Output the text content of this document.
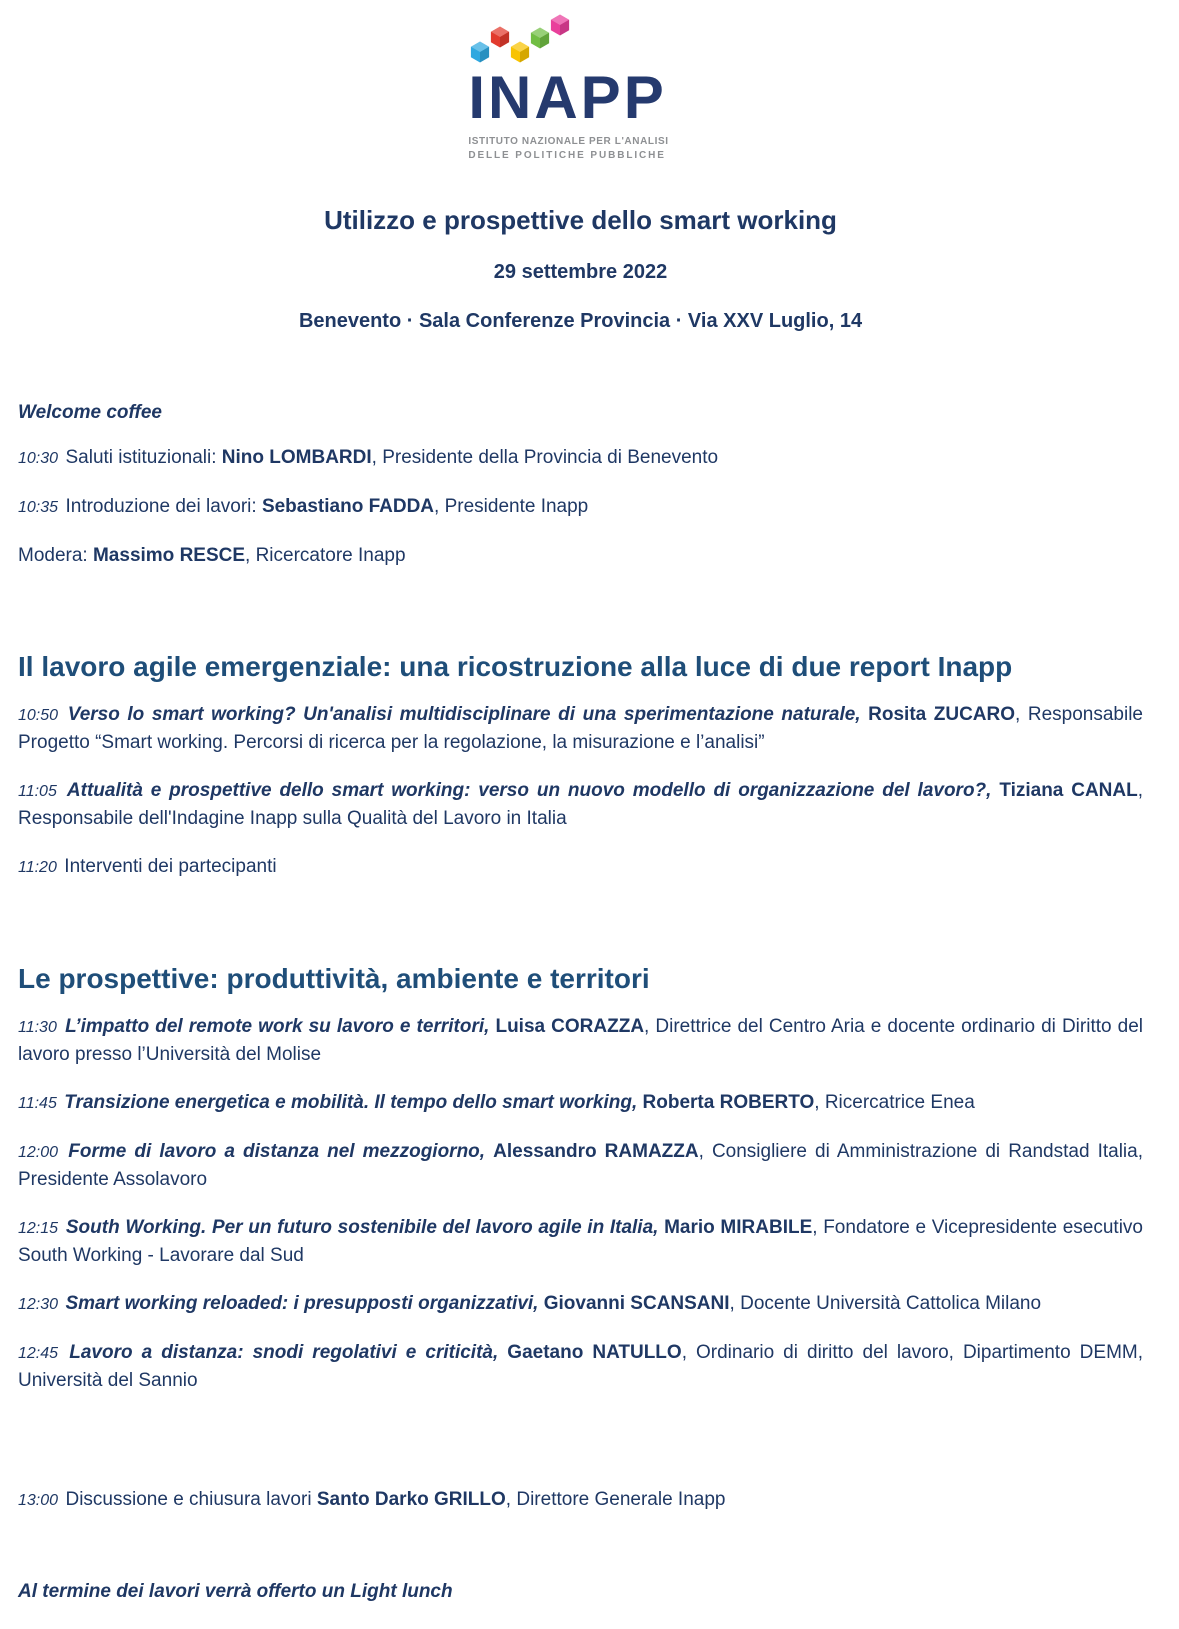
INAPP
ISTITUTO NAZIONALE PER L'ANALISI
DELLE POLITICHE PUBBLICHE
Utilizzo e prospettive dello smart working
29 settembre 2022
Benevento · Sala Conferenze Provincia · Via XXV Luglio, 14
Welcome coffee

10:30 Saluti istituzionali: Nino LOMBARDI, Presidente della Provincia di Benevento

10:35 Introduzione dei lavori: Sebastiano FADDA, Presidente Inapp

Modera: Massimo RESCE, Ricercatore Inapp

Il lavoro agile emergenziale: una ricostruzione alla luce di due report Inapp

10:50 Verso lo smart working? Un'analisi multidisciplinare di una sperimentazione naturale, Rosita ZUCARO, Responsabile Progetto “Smart working. Percorsi di ricerca per la regolazione, la misurazione e l’analisi”

11:05 Attualità e prospettive dello smart working: verso un nuovo modello di organizzazione del lavoro?, Tiziana CANAL, Responsabile dell'Indagine Inapp sulla Qualità del Lavoro in Italia

11:20 Interventi dei partecipanti

Le prospettive: produttività, ambiente e territori

11:30 L’impatto del remote work su lavoro e territori, Luisa CORAZZA, Direttrice del Centro Aria e docente ordinario di Diritto del lavoro presso l’Università del Molise

11:45 Transizione energetica e mobilità. Il tempo dello smart working, Roberta ROBERTO, Ricercatrice Enea

12:00 Forme di lavoro a distanza nel mezzogiorno, Alessandro RAMAZZA, Consigliere di Amministrazione di Randstad Italia, Presidente Assolavoro

12:15 South Working. Per un futuro sostenibile del lavoro agile in Italia, Mario MIRABILE, Fondatore e Vicepresidente esecutivo South Working - Lavorare dal Sud

12:30 Smart working reloaded: i presupposti organizzativi, Giovanni SCANSANI, Docente Università Cattolica Milano

12:45 Lavoro a distanza: snodi regolativi e criticità, Gaetano NATULLO, Ordinario di diritto del lavoro, Dipartimento DEMM, Università del Sannio

13:00 Discussione e chiusura lavori Santo Darko GRILLO, Direttore Generale Inapp

Al termine dei lavori verrà offerto un Light lunch
